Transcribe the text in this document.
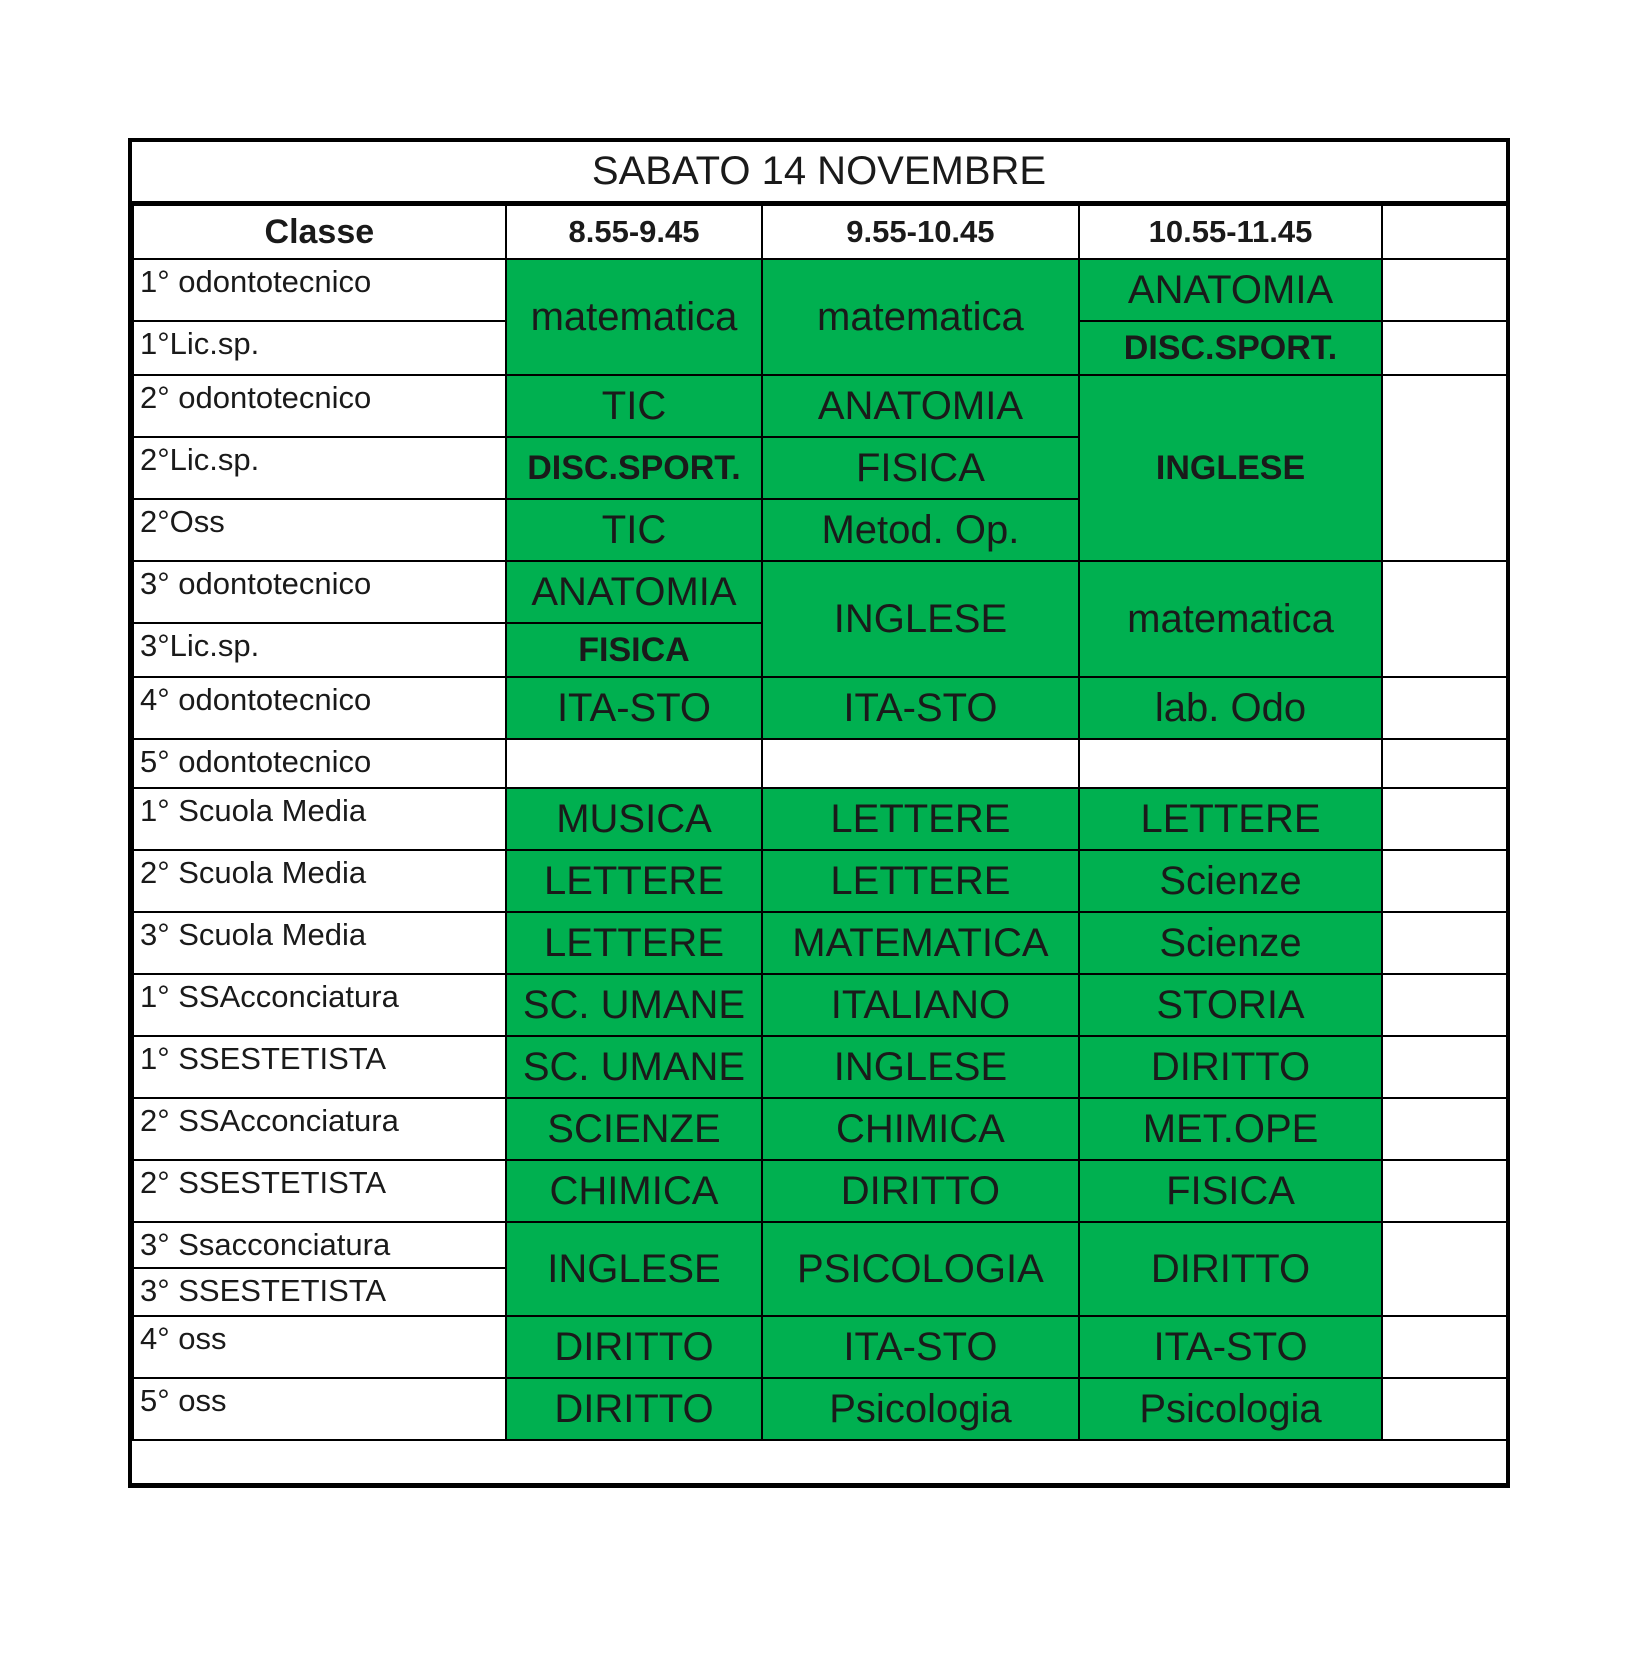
SABATO 14 NOVEMBRE
Classe	8.55-9.45	9.55-10.45	10.55-11.45	
1° odontotecnico	matematica	matematica	ANATOMIA	
1°Lic.sp.			DISC.SPORT.	
2° odontotecnico	TIC	ANATOMIA	INGLESE	
2°Lic.sp.	DISC.SPORT.	FISICA		
2°Oss	TIC	Metod. Op.		
3° odontotecnico	ANATOMIA	INGLESE	matematica	
3°Lic.sp.	FISICA			
4° odontotecnico	ITA-STO	ITA-STO	lab. Odo	
5° odontotecnico				
1° Scuola Media	MUSICA	LETTERE	LETTERE	
2° Scuola Media	LETTERE	LETTERE	Scienze	
3° Scuola Media	LETTERE	MATEMATICA	Scienze	
1° SSAcconciatura	SC. UMANE	ITALIANO	STORIA	
1° SSESTETISTA	SC. UMANE	INGLESE	DIRITTO	
2° SSAcconciatura	SCIENZE	CHIMICA	MET.OPE	
2° SSESTETISTA	CHIMICA	DIRITTO	FISICA	
3° Ssacconciatura	INGLESE	PSICOLOGIA	DIRITTO	
3° SSESTETISTA				
4° oss	DIRITTO	ITA-STO	ITA-STO	
5° oss	DIRITTO	Psicologia	Psicologia	
